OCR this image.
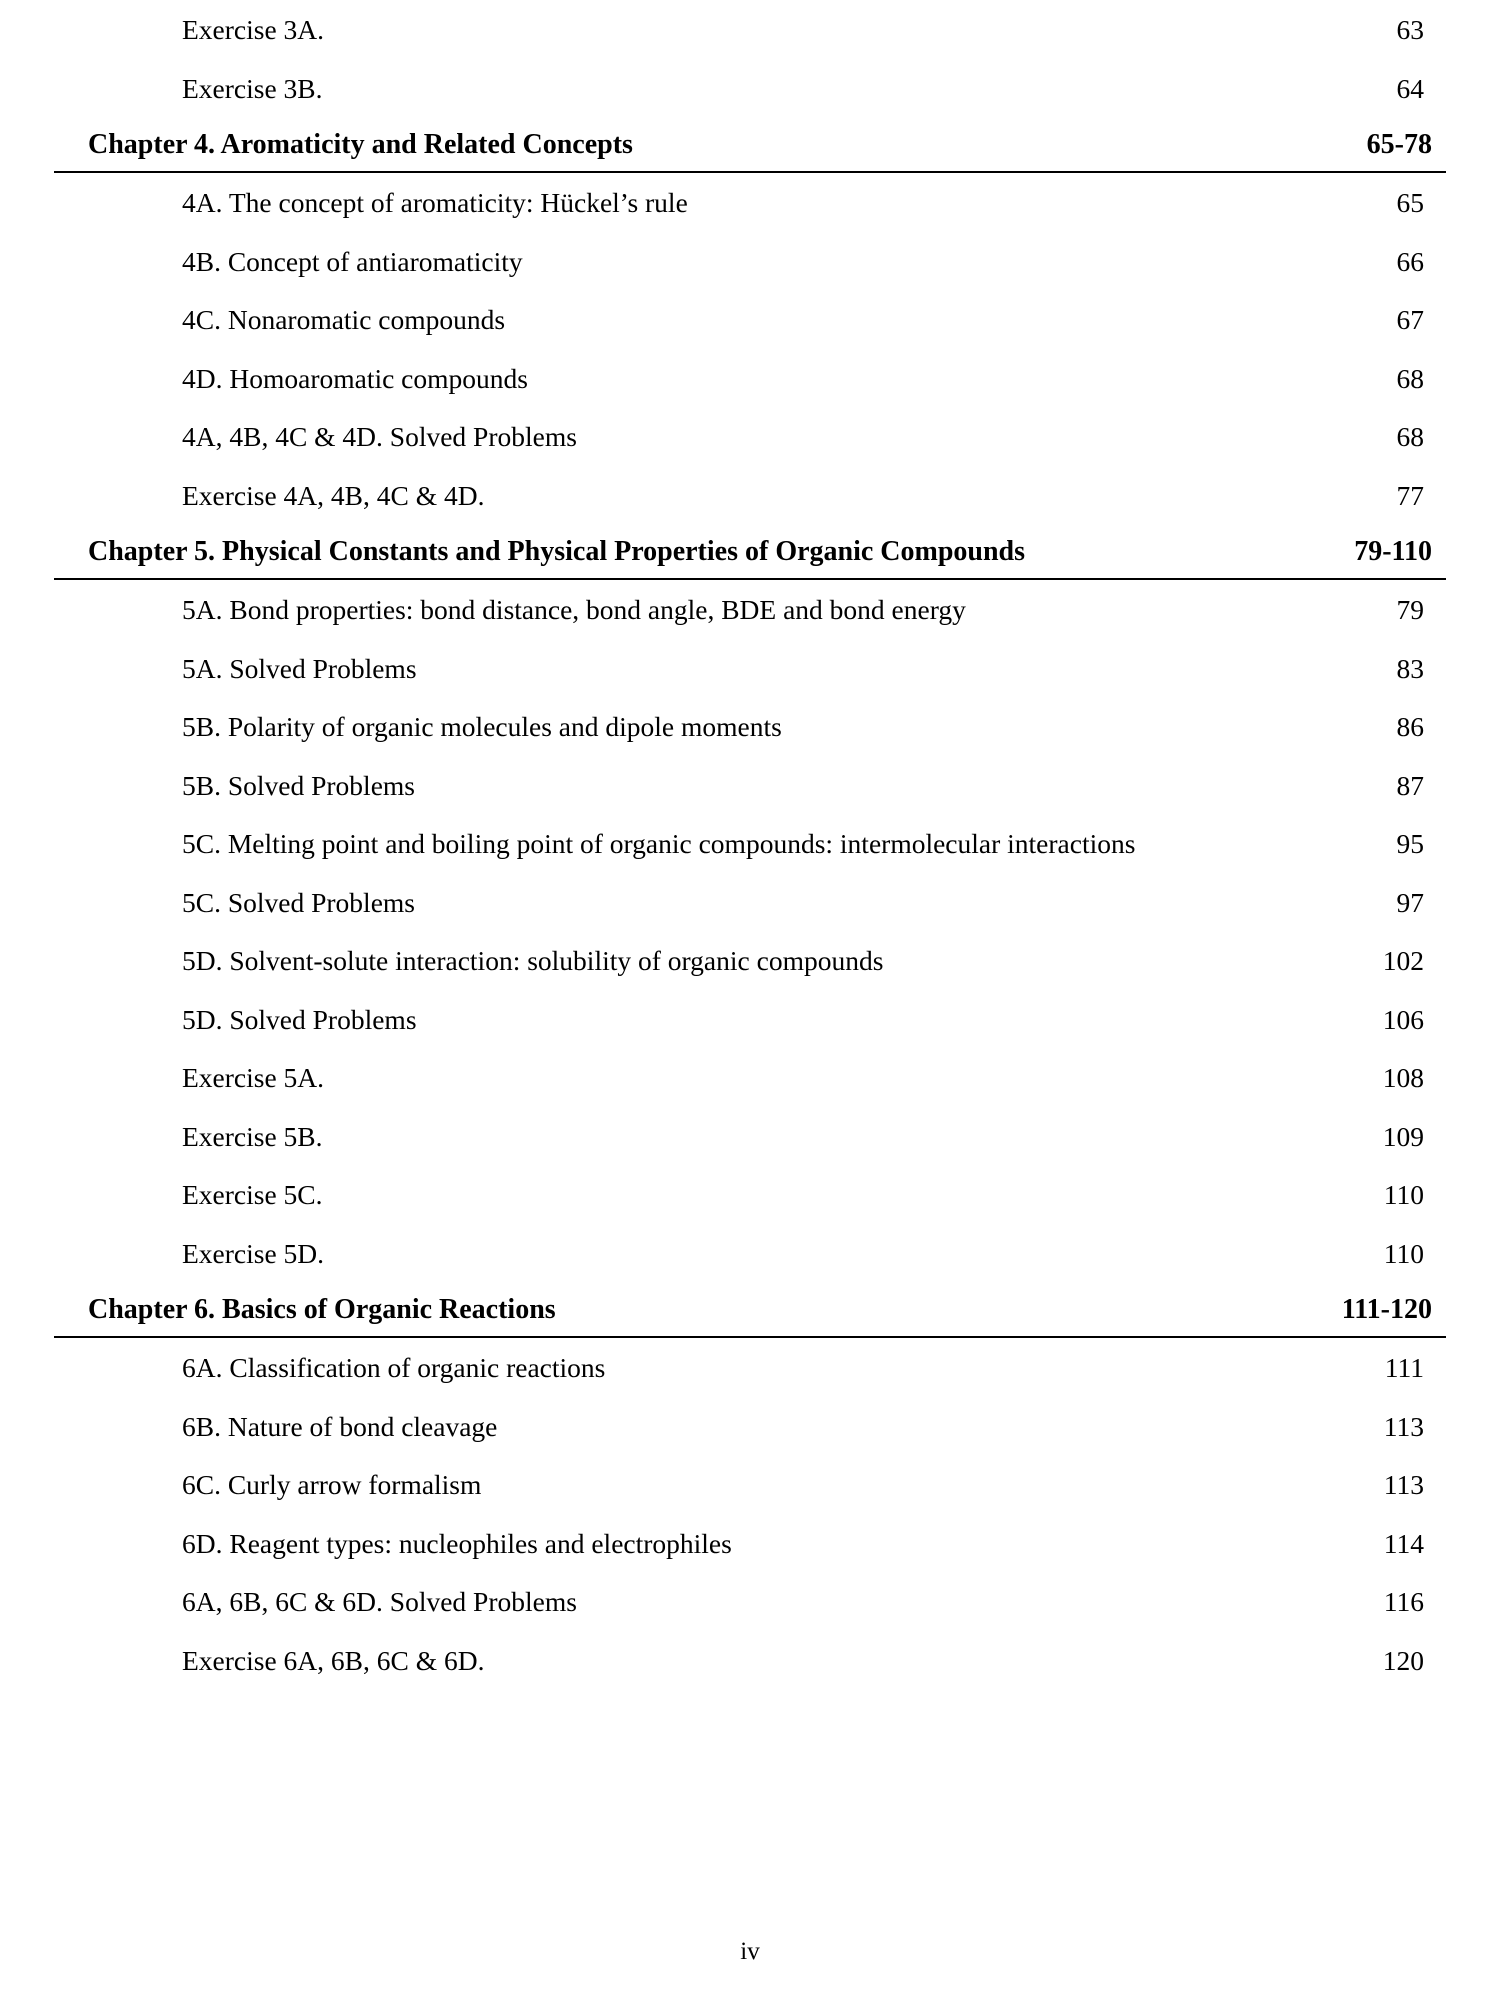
Exercise 3A.	63
Exercise 3B.	64
Chapter 4. Aromaticity and Related Concepts	65-78
4A. The concept of aromaticity: Hückel’s rule	65
4B. Concept of antiaromaticity	66
4C. Nonaromatic compounds	67
4D. Homoaromatic compounds	68
4A, 4B, 4C & 4D. Solved Problems	68
Exercise 4A, 4B, 4C & 4D.	77
Chapter 5. Physical Constants and Physical Properties of Organic Compounds	79-110
5A. Bond properties: bond distance, bond angle, BDE and bond energy	79
5A. Solved Problems	83
5B. Polarity of organic molecules and dipole moments	86
5B. Solved Problems	87
5C. Melting point and boiling point of organic compounds: intermolecular interactions	95
5C. Solved Problems	97
5D. Solvent-solute interaction: solubility of organic compounds	102
5D. Solved Problems	106
Exercise 5A.	108
Exercise 5B.	109
Exercise 5C.	110
Exercise 5D.	110
Chapter 6. Basics of Organic Reactions	111-120
6A. Classification of organic reactions	111
6B. Nature of bond cleavage	113
6C. Curly arrow formalism	113
6D. Reagent types: nucleophiles and electrophiles	114
6A, 6B, 6C & 6D. Solved Problems	116
Exercise 6A, 6B, 6C & 6D.	120
iv
